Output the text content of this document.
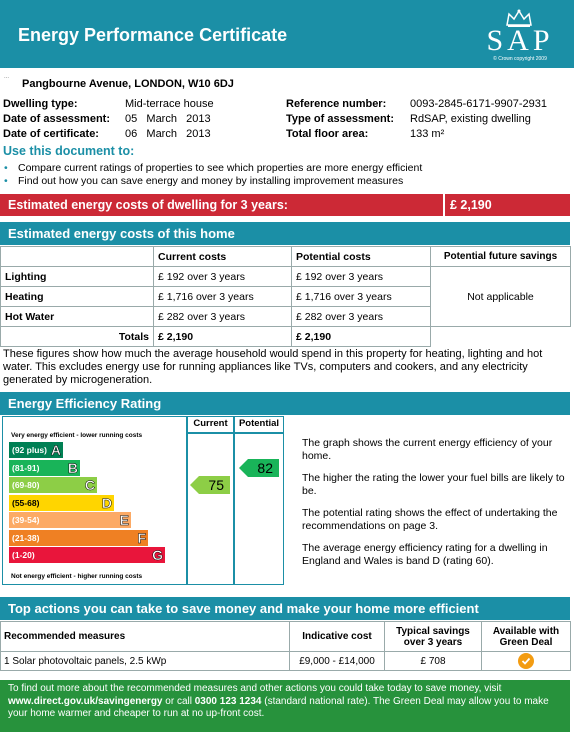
Energy Performance Certificate	SAP
© Crown copyright 2009
...
Pangbourne Avenue, LONDON, W10 6DJ
Dwelling type:	Mid-terrace house
Date of assessment: 05   March   2013
Date of certificate: 06   March   2013
Reference number: 0093-2845-6171-9907-2931
Type of assessment: RdSAP, existing dwelling
Total floor area:	133 m²
Use this document to:
• Compare current ratings of properties to see which properties are more energy efficient
• Find out how you can save energy and money by installing improvement measures
Estimated energy costs of dwelling for 3 years:	£ 2,190
Estimated energy costs of this home
	Current costs	Potential costs	Potential future savings
Lighting	£ 192 over 3 years	£ 192 over 3 years	Not applicable
Heating	£ 1,716 over 3 years	£ 1,716 over 3 years	
Hot Water	£ 282 over 3 years	£ 282 over 3 years	
Totals	£ 2,190	£ 2,190	
These figures show how much the average household would spend in this property for heating, lighting and hot water. This excludes energy use for running appliances like TVs, computers and cookers, and any electricity generated by microgeneration.
Energy Efficiency Rating
Current	Potential
Very energy efficient - lower running costs
Not energy efficient - higher running costs
(92 plus) A
(81-91) B
(69-80)	C
(55-68)	D
(39-54)	E
(21-38)	F
(1-20)	G
75
82

The graph shows the current energy efficiency of your home.

The higher the rating the lower your fuel bills are likely to be.

The potential rating shows the effect of undertaking the recommendations on page 3.

The average energy efficiency rating for a dwelling in England and Wales is band D (rating 60).

Top actions you can take to save money and make your home more efficient
Recommended measures	Indicative cost	Typical savings over 3 years	Available with Green Deal
1 Solar photovoltaic panels, 2.5 kWp	£9,000 - £14,000	£ 708	
To find out more about the recommended measures and other actions you could take today to save money, visit www.direct.gov.uk/savingenergy or call 0300 123 1234 (standard national rate). The Green Deal may allow you to make your home warmer and cheaper to run at no up-front cost.
